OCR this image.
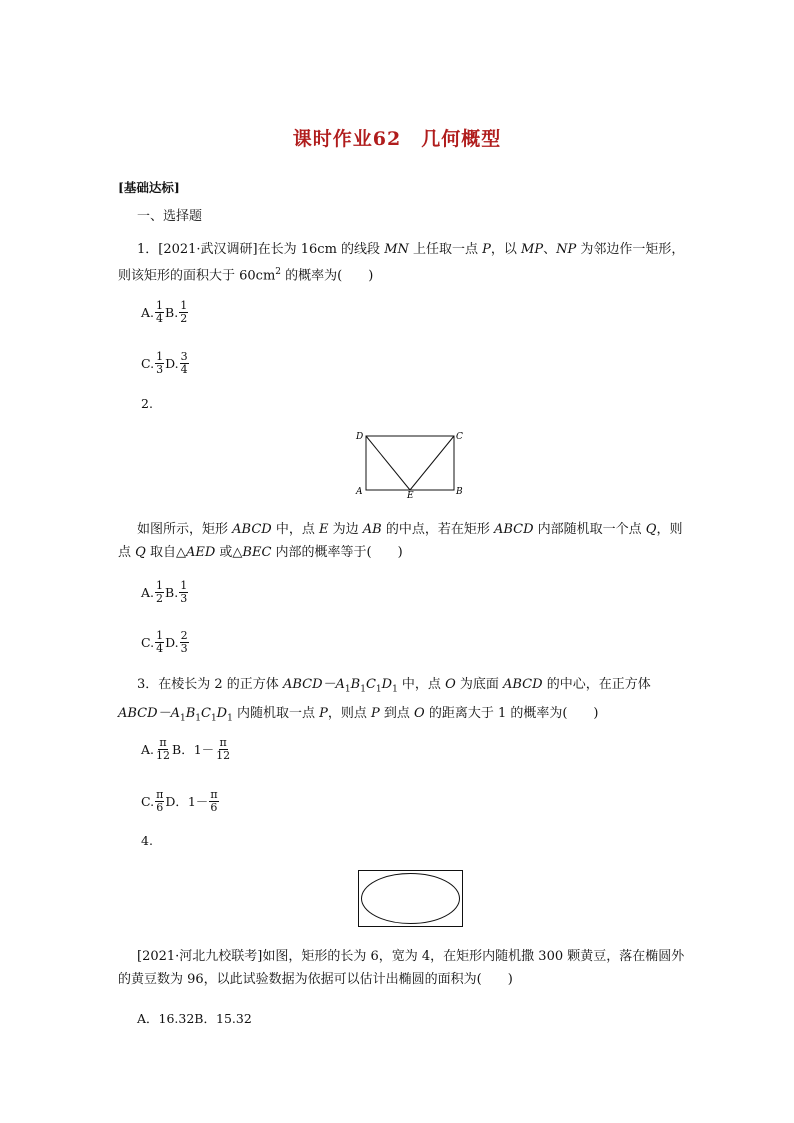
课时作业62　几何概型
[基础达标]
一、选择题
1．[2021·武汉调研]在长为 16cm 的线段 MN 上任取一点 P，以 MP、NP 为邻边作一矩形，则该矩形的面积大于 $60cm^2$ 的概率为(　　)
A. $\frac{1}{4} B$. $\frac{1}{2}$
C. $\frac{1}{3} D$. $\frac{3}{4}$
2.
D	C
A	E	B
如图所示，矩形 ABCD 中，点 E 为边 AB 的中点，若在矩形 ABCD 内部随机取一个点 Q，则点 Q 取自△AED 或△BEC 内部的概率等于(　　)
A. $\frac{1}{2} B$. $\frac{1}{3}$
C. $\frac{1}{4} D$. $\frac{2}{3}$
3．在棱长为 2 的正方体 $ABCD-A_1B_1C_1D_1$ 中，点 O 为底面 ABCD 的中心，在正方体 $ABCD-A_1B_1C_1D_1$ 内随机取一点 P，则点 P 到点 O 的距离大于 1 的概率为(　　)
A. $\frac{\pi}{12}$ B．$1- \frac{\pi}{12}$
C. $\frac{\pi}{6}$ D．$1- \frac{\pi}{6}$
4.
[2021·河北九校联考]如图，矩形的长为 6，宽为 4，在矩形内随机撒 300 颗黄豆，落在椭圆外的黄豆数为 96，以此试验数据为依据可以估计出椭圆的面积为(　　)
A．16.32B．15.32
